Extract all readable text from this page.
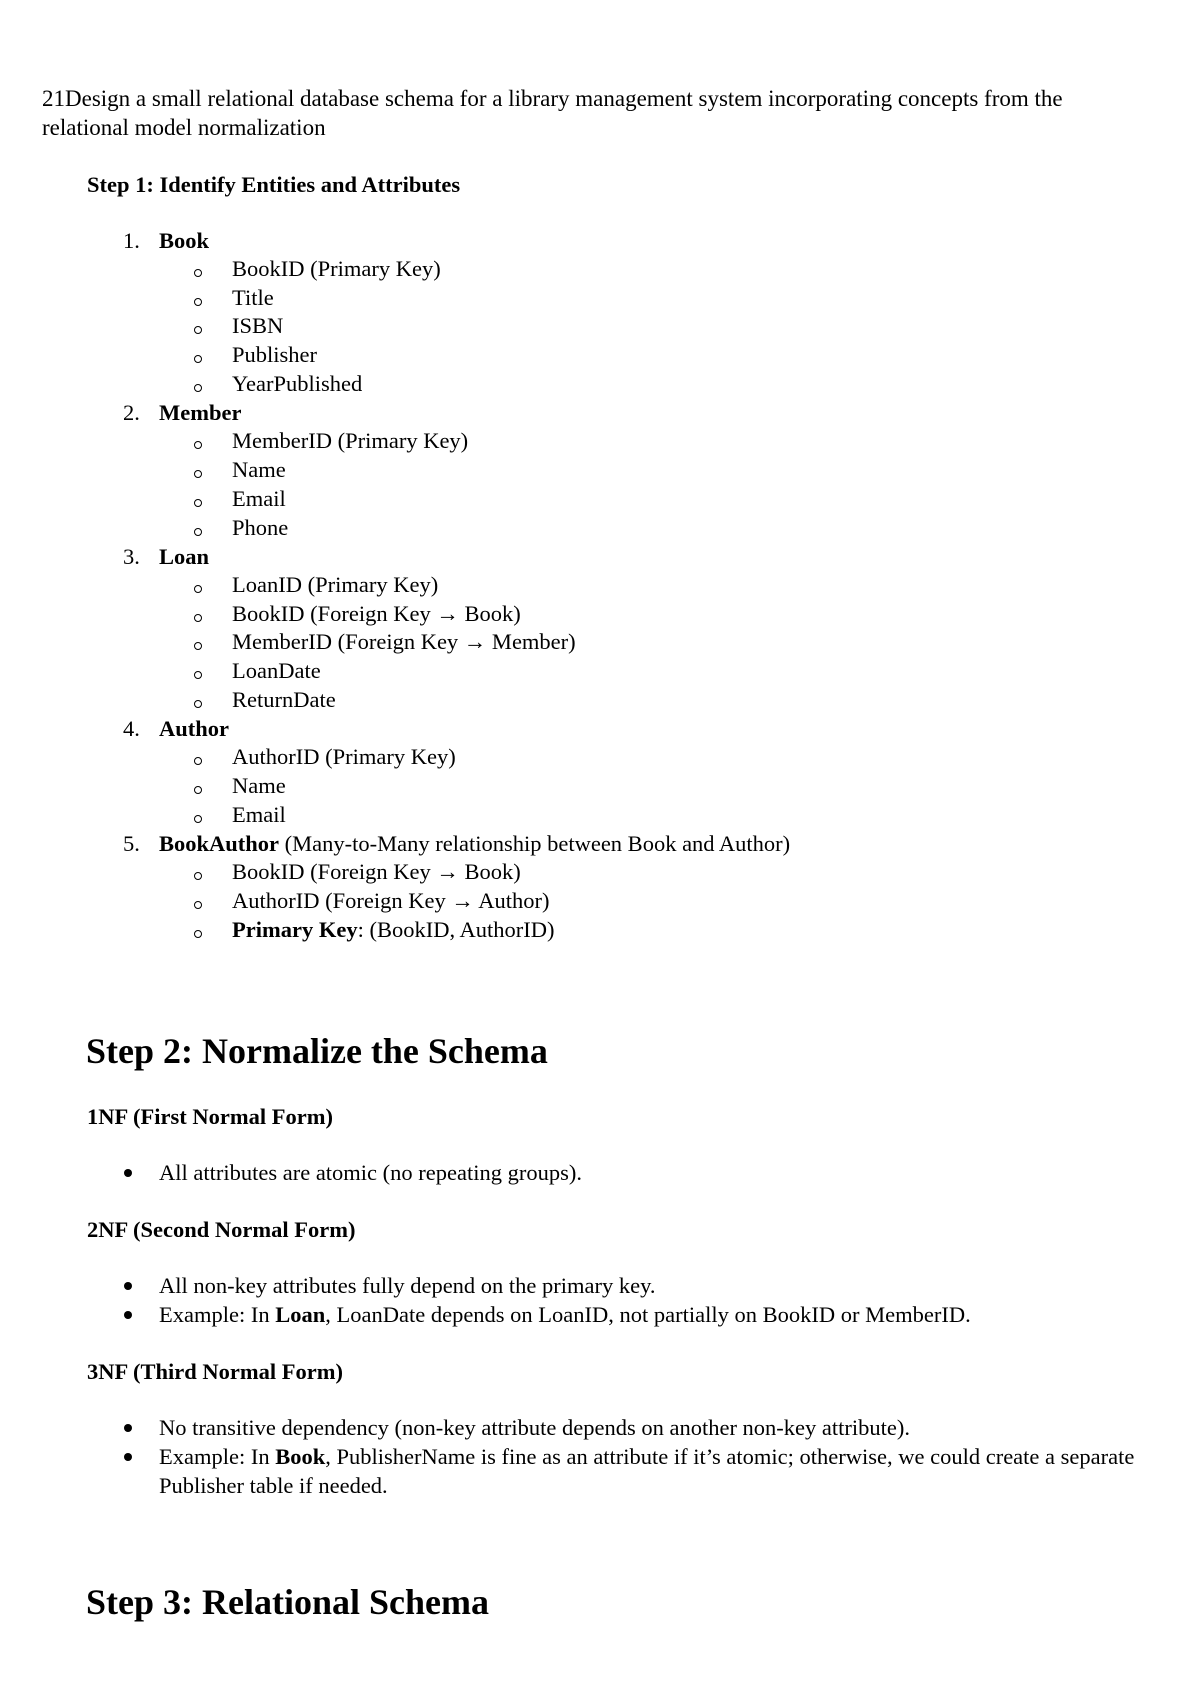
21Design a small relational database schema for a library management system incorporating concepts from the relational model normalization
Step 1: Identify Entities and Attributes
1. Book
BookID (Primary Key)
Title
ISBN
Publisher
YearPublished
2. Member
MemberID (Primary Key)
Name
Email
Phone
3. Loan
LoanID (Primary Key)
BookID (Foreign Key → Book)
MemberID (Foreign Key → Member)
LoanDate
ReturnDate
4. Author
AuthorID (Primary Key)
Name
Email
5. BookAuthor (Many-to-Many relationship between Book and Author)
BookID (Foreign Key → Book)
AuthorID (Foreign Key → Author)
Primary Key: (BookID, AuthorID)
Step 2: Normalize the Schema
1NF (First Normal Form)
All attributes are atomic (no repeating groups).
2NF (Second Normal Form)
All non-key attributes fully depend on the primary key.
Example: In Loan, LoanDate depends on LoanID, not partially on BookID or MemberID.
3NF (Third Normal Form)
No transitive dependency (non-key attribute depends on another non-key attribute).
Example: In Book, PublisherName is fine as an attribute if it’s atomic; otherwise, we could create a separate Publisher table if needed.
Step 3: Relational Schema
